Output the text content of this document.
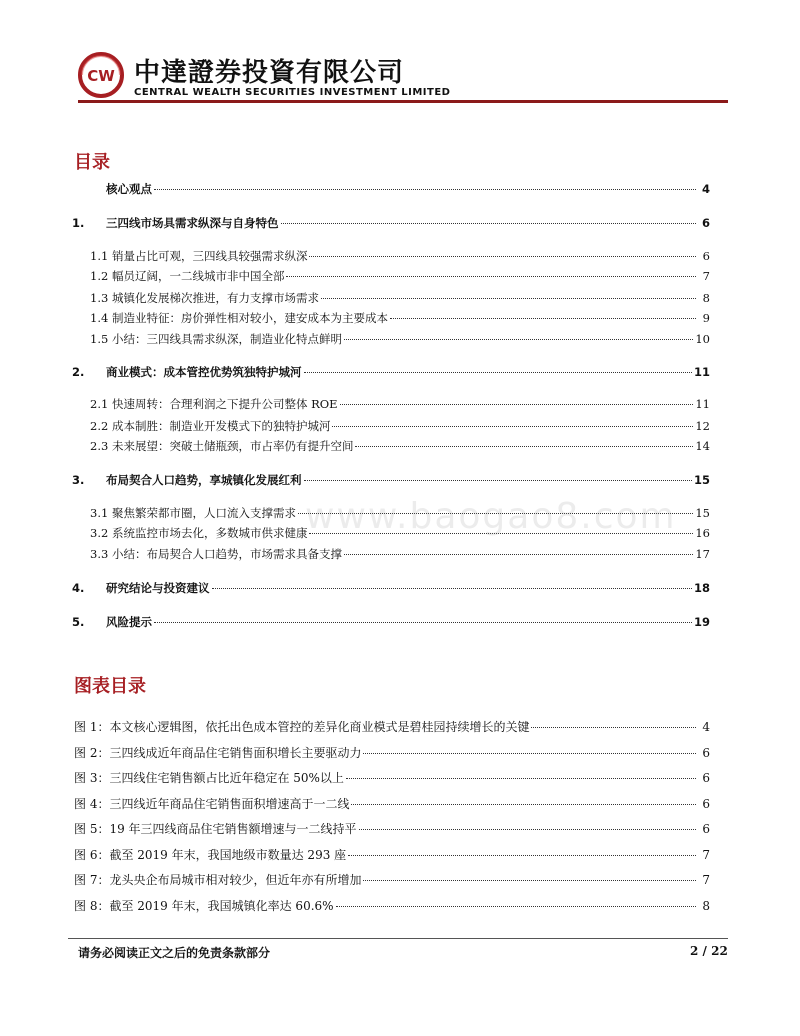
CW 中達證券投資有限公司
CENTRAL WEALTH SECURITIES INVESTMENT LIMITED
目录
核心观点	4
1.	三四线市场具需求纵深与自身特色	6
1.1 销量占比可观，三四线具较强需求纵深	6
1.2 幅员辽阔，一二线城市非中国全部	7
1.3 城镇化发展梯次推进，有力支撑市场需求	8
1.4 制造业特征：房价弹性相对较小，建安成本为主要成本	9
1.5 小结：三四线具需求纵深，制造业化特点鲜明	10
2.	商业模式：成本管控优势筑独特护城河	11
2.1 快速周转：合理利润之下提升公司整体 ROE	11
2.2 成本制胜：制造业开发模式下的独特护城河	12
2.3 未来展望：突破土储瓶颈，市占率仍有提升空间	14
3.	布局契合人口趋势，享城镇化发展红利	15
3.1 聚焦繁荣都市圈，人口流入支撑需求	15
3.2 系统监控市场去化，多数城市供求健康	16
3.3 小结：布局契合人口趋势，市场需求具备支撑	17
4.	研究结论与投资建议	18
5.	风险提示	19
图表目录
图 1：本文核心逻辑图，依托出色成本管控的差异化商业模式是碧桂园持续增长的关键	4
图 2：三四线成近年商品住宅销售面积增长主要驱动力	6
图 3：三四线住宅销售额占比近年稳定在 50%以上	6
图 4：三四线近年商品住宅销售面积增速高于一二线	6
图 5：19 年三四线商品住宅销售额增速与一二线持平	6
图 6：截至 2019 年末，我国地级市数量达 293 座	7
图 7：龙头央企布局城市相对较少，但近年亦有所增加	7
图 8：截至 2019 年末，我国城镇化率达 60.6%	8
www.baogao8.com
请务必阅读正文之后的免责条款部分	2 / 22
